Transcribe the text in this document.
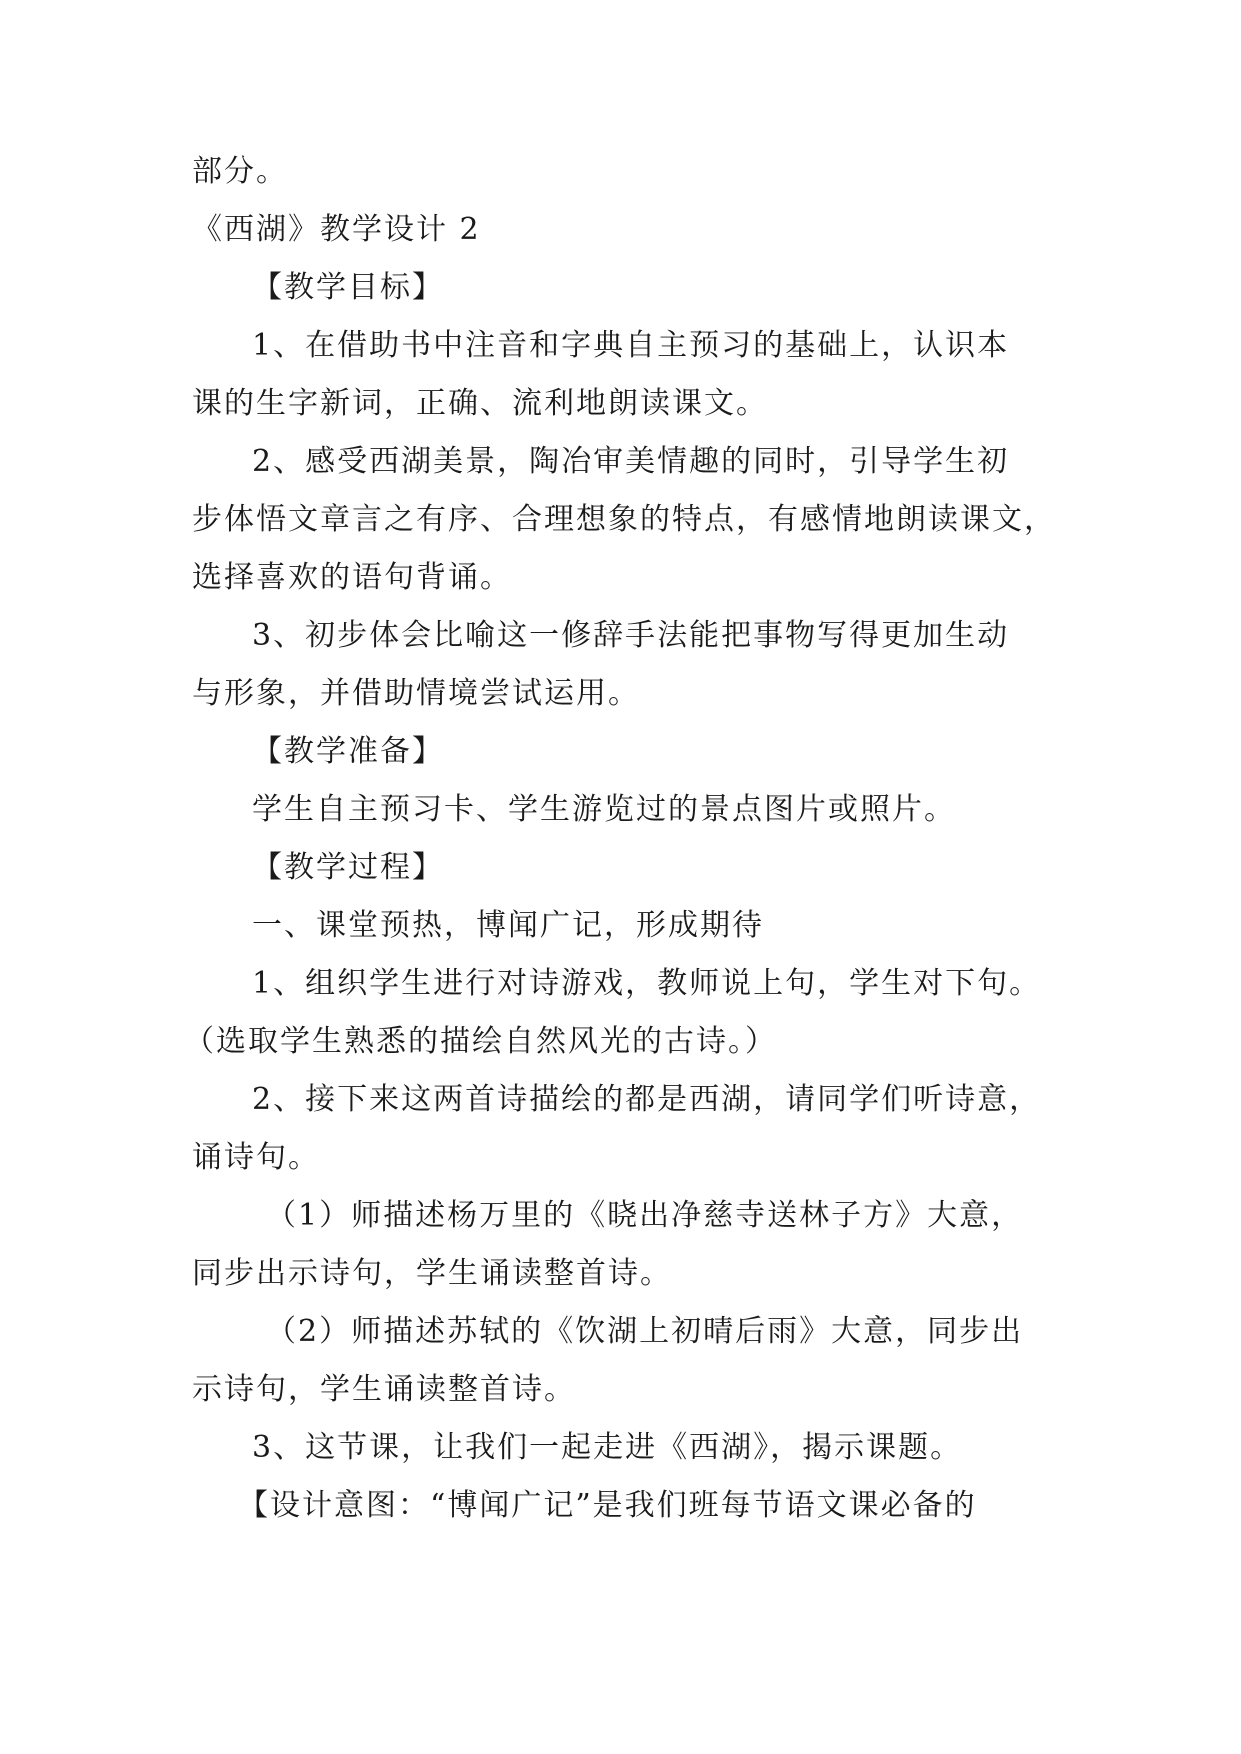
部分。
《西湖》教学设计 2
【教学目标】
1、在借助书中注音和字典自主预习的基础上，认识本
课的生字新词，正确、流利地朗读课文。
2、感受西湖美景，陶冶审美情趣的同时，引导学生初
步体悟文章言之有序、合理想象的特点，有感情地朗读课文，
选择喜欢的语句背诵。
3、初步体会比喻这一修辞手法能把事物写得更加生动
与形象，并借助情境尝试运用。
【教学准备】
学生自主预习卡、学生游览过的景点图片或照片。
【教学过程】
一、课堂预热，博闻广记，形成期待
1、组织学生进行对诗游戏，教师说上句，学生对下句。
（选取学生熟悉的描绘自然风光的古诗。）
2、接下来这两首诗描绘的都是西湖，请同学们听诗意，
诵诗句。
（1）师描述杨万里的《晓出净慈寺送林子方》大意，
同步出示诗句，学生诵读整首诗。
（2）师描述苏轼的《饮湖上初晴后雨》大意，同步出
示诗句，学生诵读整首诗。
3、这节课，让我们一起走进《西湖》，揭示课题。
【设计意图：“博闻广记”是我们班每节语文课必备的
